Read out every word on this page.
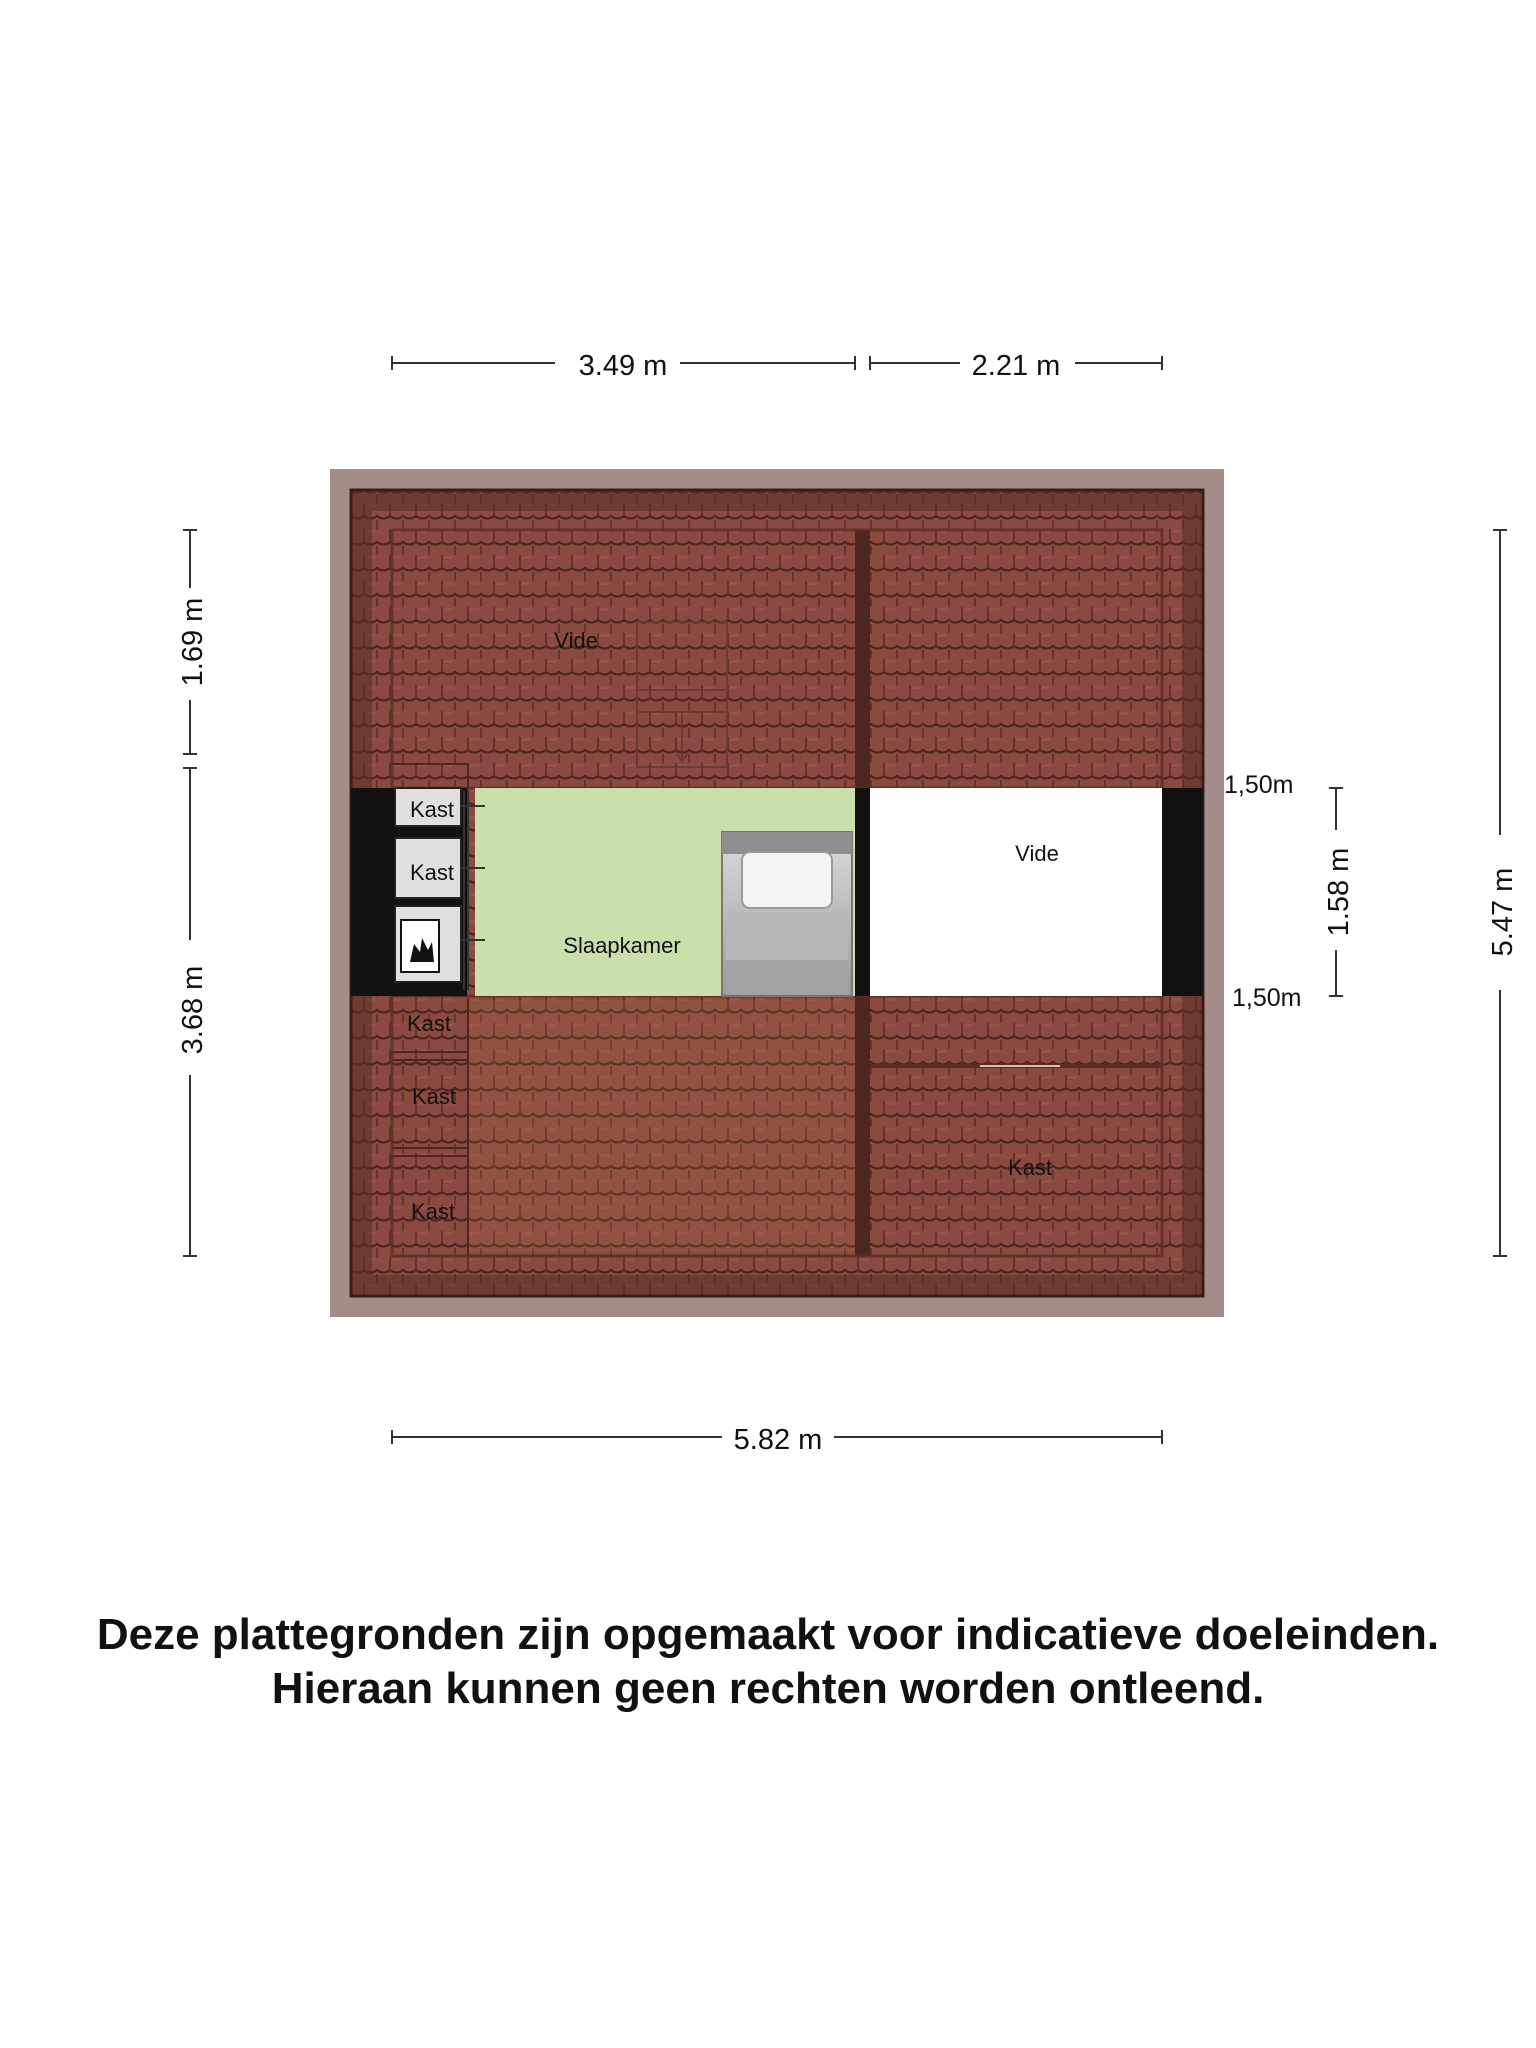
3.49 m	2.21 m
1.69 m
3.68 m
5.47 m
1.58 m
1,50m
1,50m
5.82 m
Vide
Vide
Slaapkamer
Kast
Kast
Kast
Kast
Kast
Kast
Deze plattegronden zijn opgemaakt voor indicatieve doeleinden.
Hieraan kunnen geen rechten worden ontleend.
